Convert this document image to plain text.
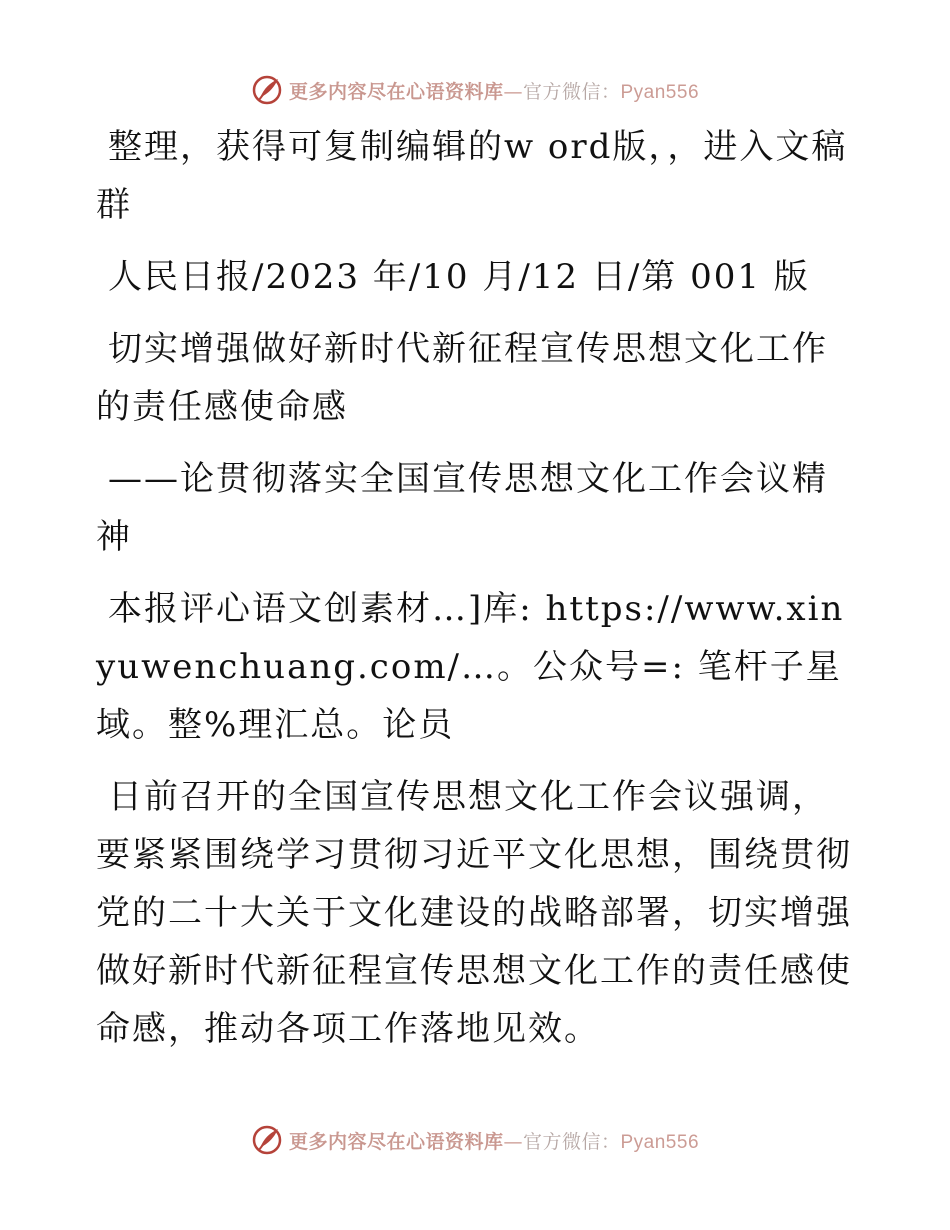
更多内容尽在心语资料库—官方微信：Pyan556

整理，获得可复制编辑的w ord版，，进入文稿群

人民日报/2023 年/10 月/12 日/第 001 版

切实增强做好新时代新征程宣传思想文化工作的责任感使命感

——论贯彻落实全国宣传思想文化工作会议精神

本报评心语文创素材…]库: https://www.xinyuwenchuang.com/…。公众号=: 笔杆子星域。整%理汇总。论员

日前召开的全国宣传思想文化工作会议强调，要紧紧围绕学习贯彻习近平文化思想，围绕贯彻党的二十大关于文化建设的战略部署，切实增强做好新时代新征程宣传思想文化工作的责任感使命感，推动各项工作落地见效。

更多内容尽在心语资料库—官方微信：Pyan556
